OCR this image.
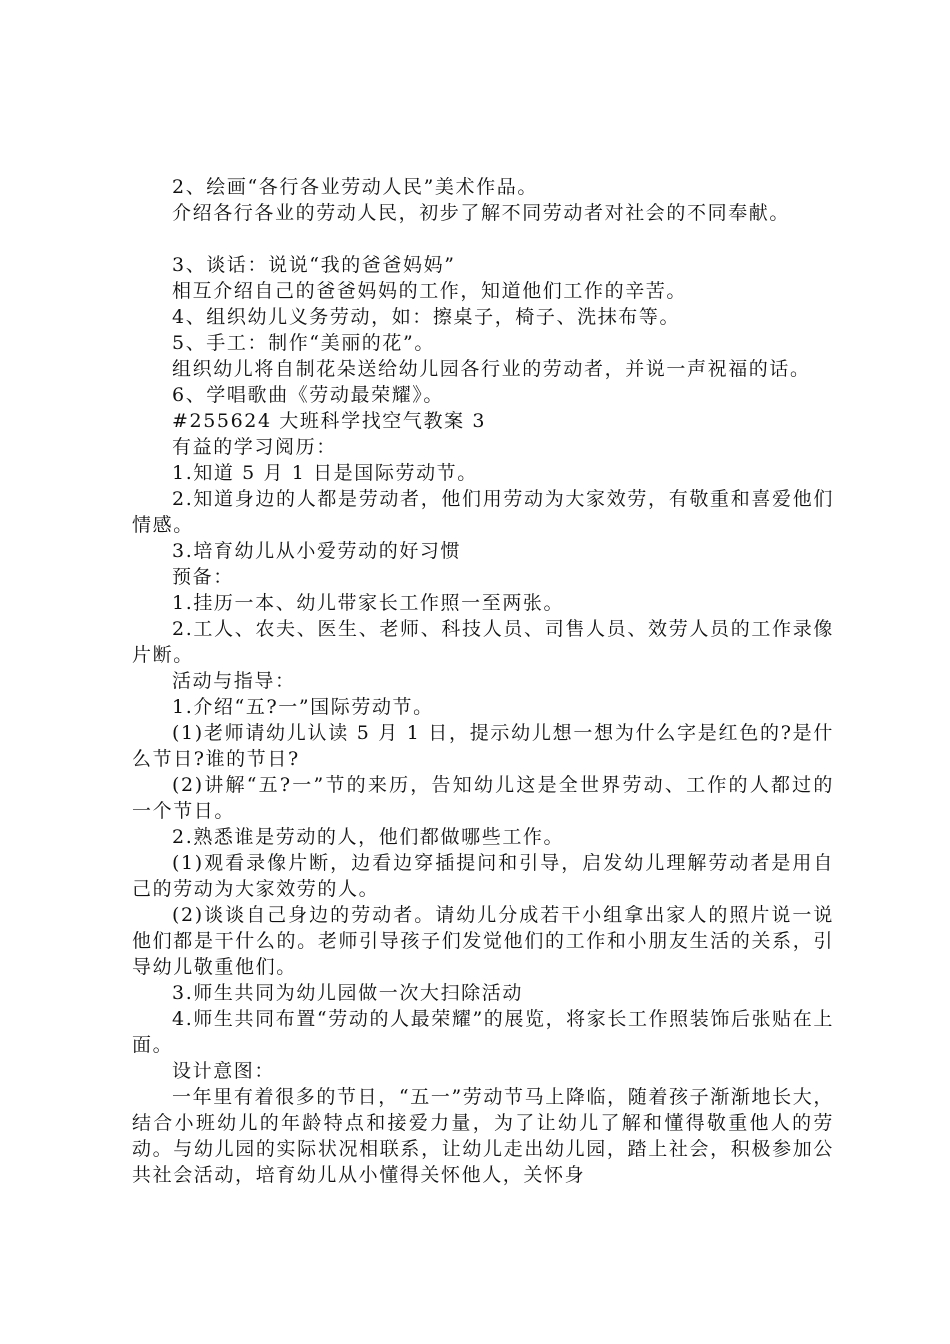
2、绘画“各行各业劳动人民”美术作品。

介绍各行各业的劳动人民，初步了解不同劳动者对社会的不同奉献。

3、谈话：说说“我的爸爸妈妈”

相互介绍自己的爸爸妈妈的工作，知道他们工作的辛苦。

4、组织幼儿义务劳动，如：擦桌子，椅子、洗抹布等。

5、手工：制作“美丽的花”。

组织幼儿将自制花朵送给幼儿园各行业的劳动者，并说一声祝福的话。

6、学唱歌曲《劳动最荣耀》。

#255624 大班科学找空气教案 3

有益的学习阅历：

1.知道 5 月 1 日是国际劳动节。

2.知道身边的人都是劳动者，他们用劳动为大家效劳，有敬重和喜爱他们情感。

3.培育幼儿从小爱劳动的好习惯

预备：

1.挂历一本、幼儿带家长工作照一至两张。

2.工人、农夫、医生、老师、科技人员、司售人员、效劳人员的工作录像片断。

活动与指导：

1.介绍“五?一”国际劳动节。

(1)老师请幼儿认读 5 月 1 日，提示幼儿想一想为什么字是红色的?是什么节日?谁的节日?

(2)讲解“五?一”节的来历，告知幼儿这是全世界劳动、工作的人都过的一个节日。

2.熟悉谁是劳动的人，他们都做哪些工作。

(1)观看录像片断，边看边穿插提问和引导，启发幼儿理解劳动者是用自己的劳动为大家效劳的人。

(2)谈谈自己身边的劳动者。请幼儿分成若干小组拿出家人的照片说一说他们都是干什么的。老师引导孩子们发觉他们的工作和小朋友生活的关系，引导幼儿敬重他们。

3.师生共同为幼儿园做一次大扫除活动

4.师生共同布置“劳动的人最荣耀”的展览，将家长工作照装饰后张贴在上面。

设计意图：

一年里有着很多的节日，“五一”劳动节马上降临，随着孩子渐渐地长大，结合小班幼儿的年龄特点和接爱力量，为了让幼儿了解和懂得敬重他人的劳动。与幼儿园的实际状况相联系，让幼儿走出幼儿园，踏上社会，积极参加公共社会活动，培育幼儿从小懂得关怀他人，关怀身
